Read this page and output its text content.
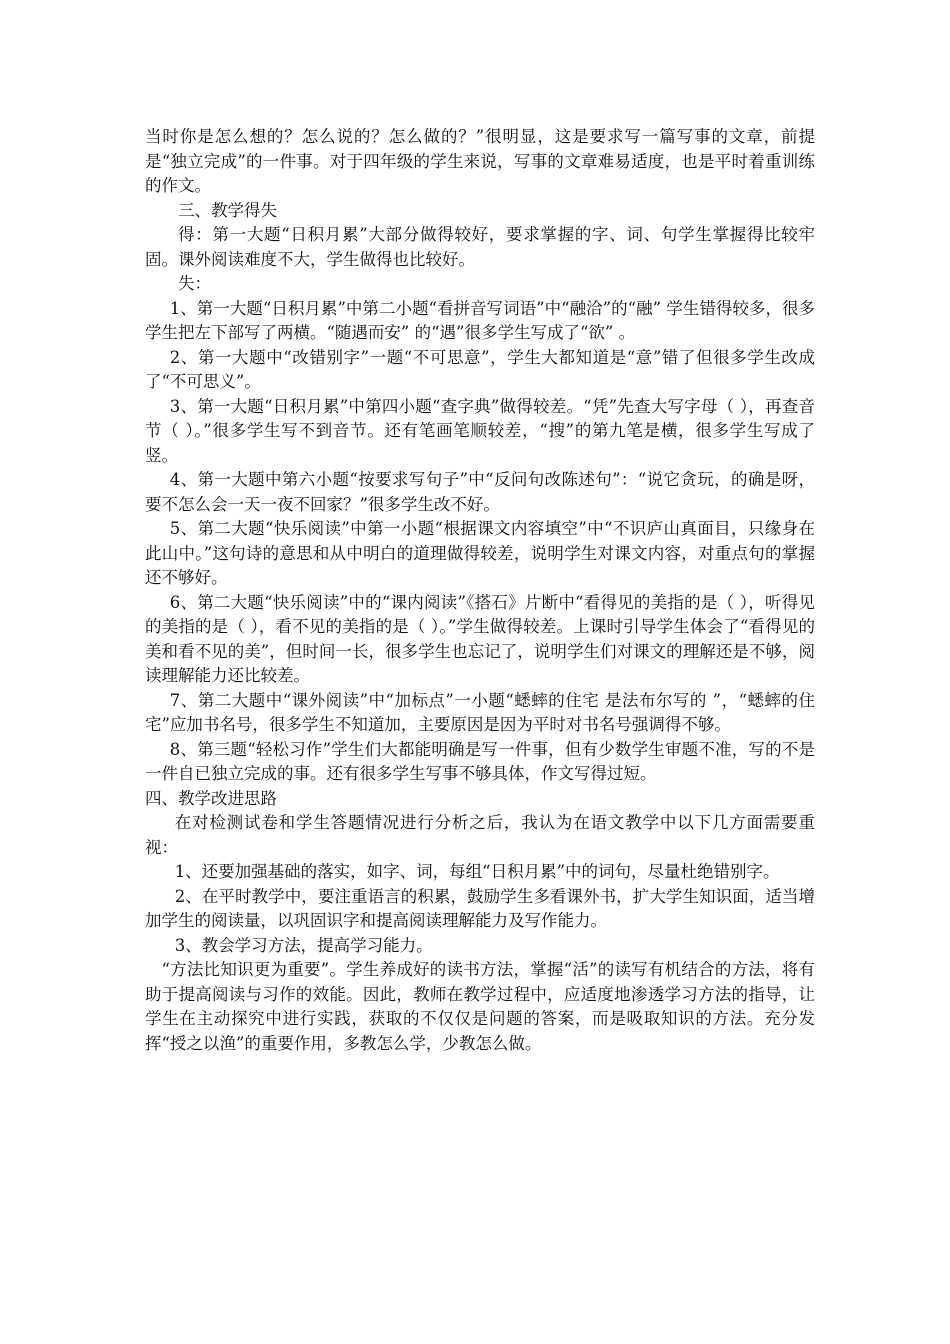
当时你是怎么想的？怎么说的？怎么做的？”很明显，这是要求写一篇写事的文章，前提是“独立完成”的一件事。对于四年级的学生来说，写事的文章难易适度，也是平时着重训练的作文。

三、教学得失

得：第一大题“日积月累”大部分做得较好，要求掌握的字、词、句学生掌握得比较牢固。课外阅读难度不大，学生做得也比较好。

失：

1、第一大题“日积月累”中第二小题“看拼音写词语”中“融洽”的“融” 学生错得较多，很多学生把左下部写了两横。“随遇而安” 的“遇”很多学生写成了“欲” 。

2、第一大题中“改错别字”一题“不可思意”，学生大都知道是“意”错了但很多学生改成了“不可思义”。

3、第一大题“日积月累”中第四小题“查字典”做得较差。“凭”先查大写字母（ ），再查音节（ ）。”很多学生写不到音节。还有笔画笔顺较差，“搜”的第九笔是横，很多学生写成了竖。

4、第一大题中第六小题“按要求写句子”中“反问句改陈述句”：“说它贪玩，的确是呀，要不怎么会一天一夜不回家？”很多学生改不好。

5、第二大题“快乐阅读”中第一小题“根据课文内容填空”中“不识庐山真面目，只缘身在此山中。”这句诗的意思和从中明白的道理做得较差，说明学生对课文内容，对重点句的掌握还不够好。

6、第二大题“快乐阅读”中的“课内阅读”《搭石》片断中“看得见的美指的是（ ），听得见的美指的是（ ），看不见的美指的是（ ）。”学生做得较差。上课时引导学生体会了“看得见的美和看不见的美”，但时间一长，很多学生也忘记了，说明学生们对课文的理解还是不够，阅读理解能力还比较差。

7、第二大题中“课外阅读”中“加标点”一小题“蟋蟀的住宅 是法布尔写的 ”，“蟋蟀的住宅”应加书名号，很多学生不知道加，主要原因是因为平时对书名号强调得不够。

8、第三题“轻松习作”学生们大都能明确是写一件事，但有少数学生审题不准，写的不是一件自已独立完成的事。还有很多学生写事不够具体，作文写得过短。

四、教学改进思路

在对检测试卷和学生答题情况进行分析之后，我认为在语文教学中以下几方面需要重视：

1、还要加强基础的落实，如字、词，每组“日积月累”中的词句，尽量杜绝错别字。

2、在平时教学中，要注重语言的积累，鼓励学生多看课外书，扩大学生知识面，适当增加学生的阅读量，以巩固识字和提高阅读理解能力及写作能力。

3、教会学习方法，提高学习能力。

“方法比知识更为重要”。学生养成好的读书方法，掌握“活”的读写有机结合的方法，将有助于提高阅读与习作的效能。因此，教师在教学过程中，应适度地渗透学习方法的指导，让学生在主动探究中进行实践，获取的不仅仅是问题的答案，而是吸取知识的方法。充分发挥“授之以渔”的重要作用，多教怎么学，少教怎么做。
